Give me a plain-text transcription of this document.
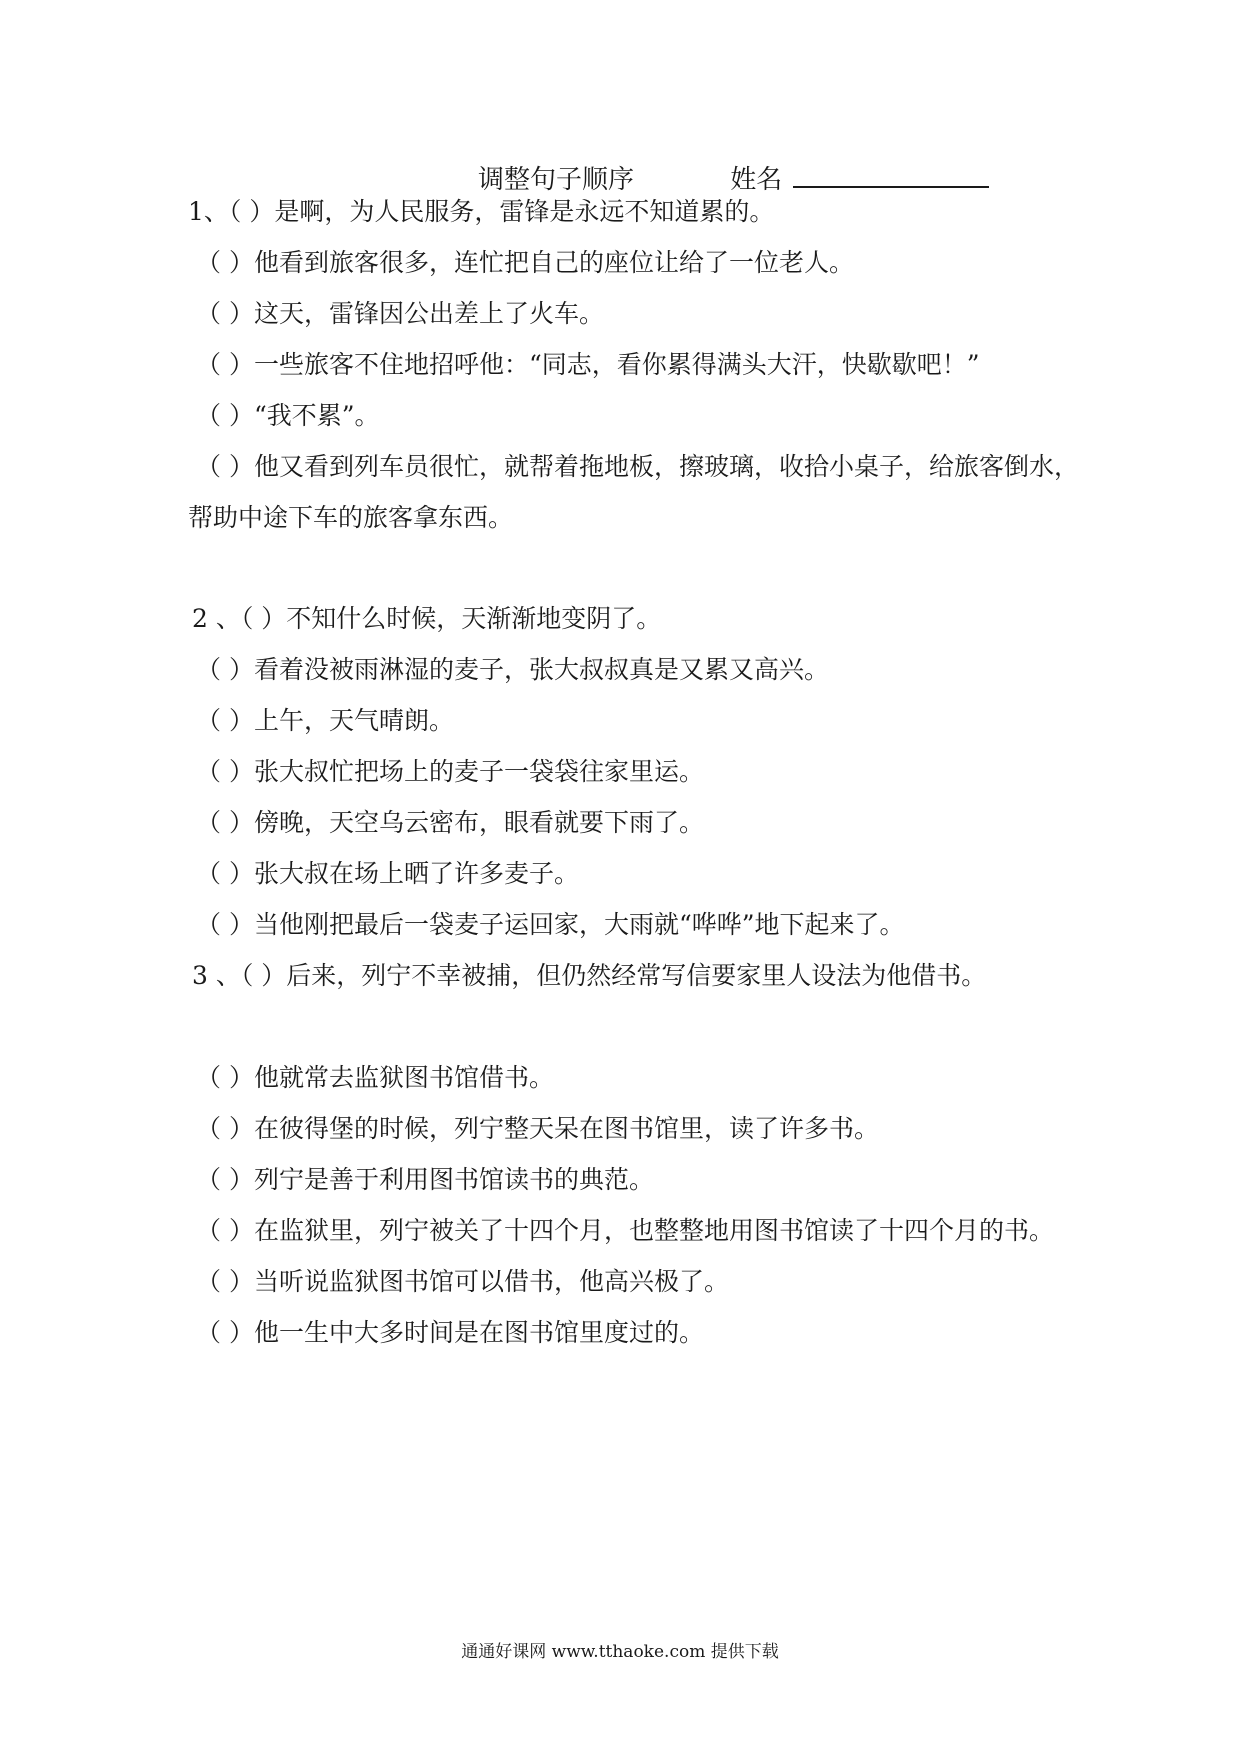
调整句子顺序	姓名
1、（ ）是啊，为人民服务，雷锋是永远不知道累的。
（ ）他看到旅客很多，连忙把自己的座位让给了一位老人。
（ ）这天，雷锋因公出差上了火车。
（ ）一些旅客不住地招呼他：“同志，看你累得满头大汗，快歇歇吧！”
（ ）“我不累”。
（ ）他又看到列车员很忙，就帮着拖地板，擦玻璃，收拾小桌子，给旅客倒水，
帮助中途下车的旅客拿东西。
2 、（ ）不知什么时候，天渐渐地变阴了。
（ ）看着没被雨淋湿的麦子，张大叔叔真是又累又高兴。
（ ）上午，天气晴朗。
（ ）张大叔忙把场上的麦子一袋袋往家里运。
（ ）傍晚，天空乌云密布，眼看就要下雨了。
（ ）张大叔在场上晒了许多麦子。
（ ）当他刚把最后一袋麦子运回家，大雨就“哗哗”地下起来了。
3 、（ ）后来，列宁不幸被捕，但仍然经常写信要家里人设法为他借书。
（ ）他就常去监狱图书馆借书。
（ ）在彼得堡的时候，列宁整天呆在图书馆里，读了许多书。
（ ）列宁是善于利用图书馆读书的典范。
（ ）在监狱里，列宁被关了十四个月，也整整地用图书馆读了十四个月的书。
（ ）当听说监狱图书馆可以借书，他高兴极了。
（ ）他一生中大多时间是在图书馆里度过的。
通通好课网 www.tthaoke.com 提供下载
